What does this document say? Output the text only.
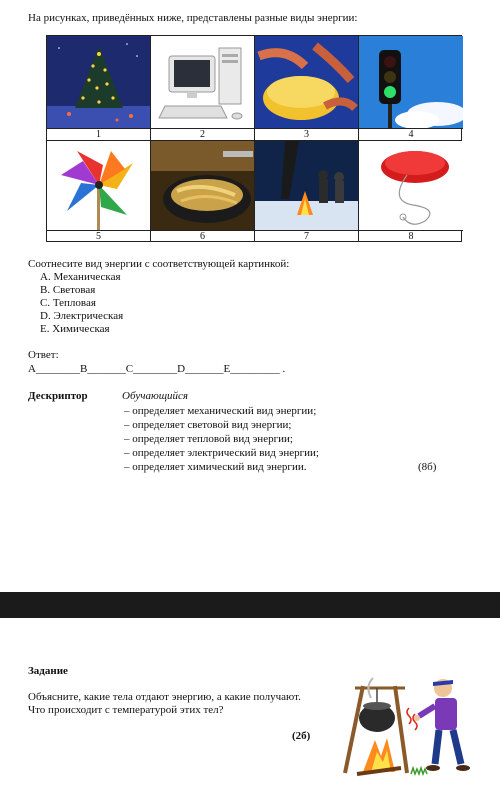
На рисунках, приведённых ниже, представлены разные виды энергии:
1	2	3	4
5	6	7	8
Соотнесите вид энергии с соответствующей картинкой:
A. Механическая
B. Световая
C. Тепловая
D. Электрическая
E. Химическая
Ответ:
A________B_______C________D_______E_________ .
Дескриптор	Обучающийся
– определяет механический вид энергии;
– определяет световой вид энергии;
– определяет тепловой вид энергии;
– определяет электрический вид энергии;
– определяет химический вид энергии.	(8б)
Задание
Объясните, какие тела отдают энергию, а какие получают.
Что происходит с температурой этих тел?
(2б)
